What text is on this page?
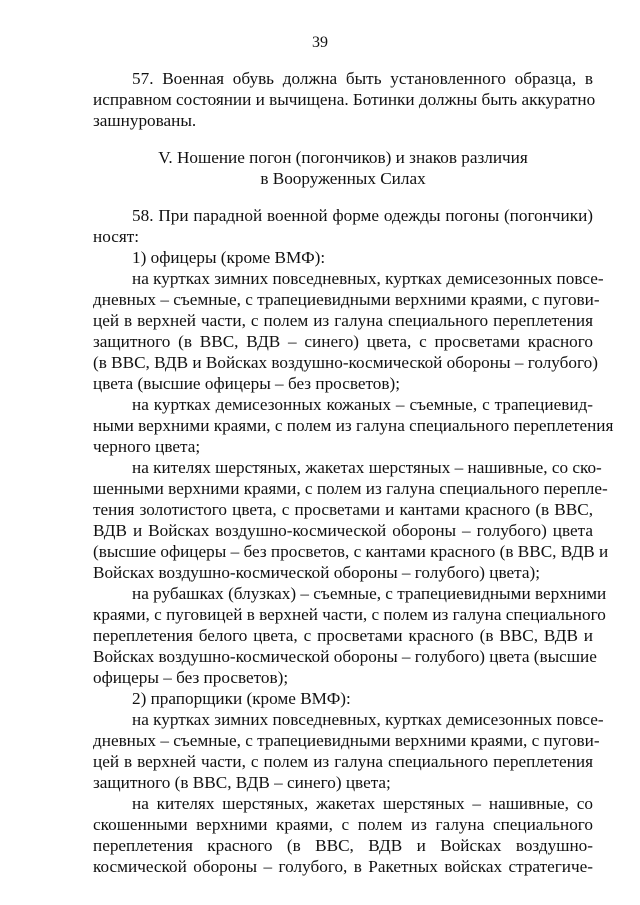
39
57. Военная обувь должна быть установленного образца, в
исправном состоянии и вычищена. Ботинки должны быть аккуратно
зашнурованы.
V. Ношение погон (погончиков) и знаков различия
в Вооруженных Силах
58. При парадной военной форме одежды погоны (погончики)
носят:
1) офицеры (кроме ВМФ):
на куртках зимних повседневных, куртках демисезонных повсе-
дневных – съемные, с трапециевидными верхними краями, с пугови-
цей в верхней части, с полем из галуна специального переплетения
защитного (в ВВС, ВДВ – синего) цвета, с просветами красного
(в ВВС, ВДВ и Войсках воздушно-космической обороны – голубого)
цвета (высшие офицеры – без просветов);
на куртках демисезонных кожаных – съемные, с трапециевид-
ными верхними краями, с полем из галуна специального переплетения
черного цвета;
на кителях шерстяных, жакетах шерстяных – нашивные, со ско-
шенными верхними краями, с полем из галуна специального перепле-
тения золотистого цвета, с просветами и кантами красного (в ВВС,
ВДВ и Войсках воздушно-космической обороны – голубого) цвета
(высшие офицеры – без просветов, с кантами красного (в ВВС, ВДВ и
Войсках воздушно-космической обороны – голубого) цвета);
на рубашках (блузках) – съемные, с трапециевидными верхними
краями, с пуговицей в верхней части, с полем из галуна специального
переплетения белого цвета, с просветами красного (в ВВС, ВДВ и
Войсках воздушно-космической обороны – голубого) цвета (высшие
офицеры – без просветов);
2) прапорщики (кроме ВМФ):
на куртках зимних повседневных, куртках демисезонных повсе-
дневных – съемные, с трапециевидными верхними краями, с пугови-
цей в верхней части, с полем из галуна специального переплетения
защитного (в ВВС, ВДВ – синего) цвета;
на кителях шерстяных, жакетах шерстяных – нашивные, со
скошенными верхними краями, с полем из галуна специального
переплетения красного (в ВВС, ВДВ и Войсках воздушно-
космической обороны – голубого, в Ракетных войсках стратегиче-
